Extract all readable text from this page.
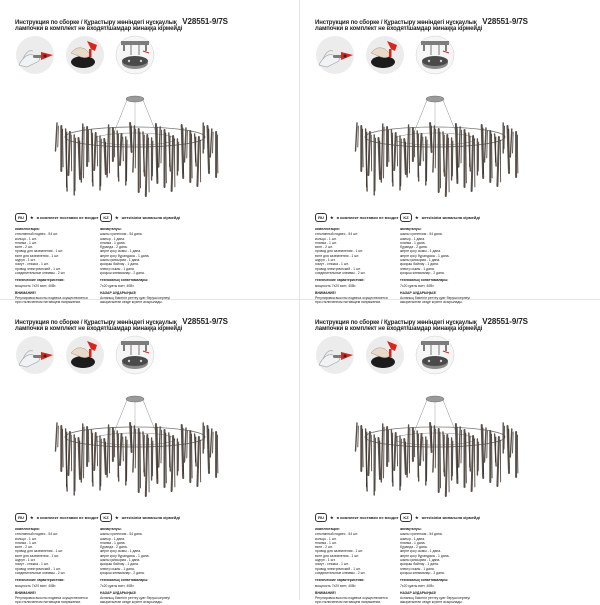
Инструкция по сборке / Құрастыру жөніндегі нұсқаулық V28551-9/7S
лампочки в комплект не входят/шамдар жинаққа кірмейді
RU	★ в комплект поставки не входит	KZ	★ жеткізілім жинағына кірмейді
комплектация:
стеклянный подвес - 54 шт.
кольцо - 1 шт.
планка - 1 шт.
винт - 2 шт.
провод для заземления - 1 шт.
винт для заземления - 1 шт.
шуруп - 1 шт.
хомут - стяжка - 1 шт.
провод электрический - 1 шт.
соединительные клеммы - 2 шт.
технические характеристики:
мощность 7x20 ватт, 40Вт.
ВНИМАНИЕ!
Регулировка высоты подвеса осуществляется
при отключенном питающем напряжении.
жинақталуы:
шыны суспензия - 54 дана.
шығыр - 1 дана.
планка - 1 дана.
бұранда - 2 дана.
жерге қосу сымы - 1 дана.
жерге қосу бұрандасы - 1 дана.
шыны қапсырма - 1 дана.
қысқыш байлау - 1 дана.
электр сымы - 1 дана.
қосқыш клеммалар - 2 дана.
техникалық сипаттамалары:
7x20 қуаты ватт, 40Вт.
НАЗАР АУДАРЫҢЫЗ!
Аспаның биіктігін реттеу қуат беруші кернеуі
ажыратылған кезде жүзеге асырылады.
Инструкция по сборке / Құрастыру жөніндегі нұсқаулық V28551-9/7S
лампочки в комплект не входят/шамдар жинаққа кірмейді
RU	★ в комплект поставки не входит	KZ	★ жеткізілім жинағына кірмейді
комплектация:
стеклянный подвес - 54 шт.
кольцо - 1 шт.
планка - 1 шт.
винт - 2 шт.
провод для заземления - 1 шт.
винт для заземления - 1 шт.
шуруп - 1 шт.
хомут - стяжка - 1 шт.
провод электрический - 1 шт.
соединительные клеммы - 2 шт.
технические характеристики:
мощность 7x20 ватт, 40Вт.
ВНИМАНИЕ!
Регулировка высоты подвеса осуществляется
при отключенном питающем напряжении.
жинақталуы:
шыны суспензия - 54 дана.
шығыр - 1 дана.
планка - 1 дана.
бұранда - 2 дана.
жерге қосу сымы - 1 дана.
жерге қосу бұрандасы - 1 дана.
шыны қапсырма - 1 дана.
қысқыш байлау - 1 дана.
электр сымы - 1 дана.
қосқыш клеммалар - 2 дана.
техникалық сипаттамалары:
7x20 қуаты ватт, 40Вт.
НАЗАР АУДАРЫҢЫЗ!
Аспаның биіктігін реттеу қуат беруші кернеуі
ажыратылған кезде жүзеге асырылады.
Инструкция по сборке / Құрастыру жөніндегі нұсқаулық V28551-9/7S
лампочки в комплект не входят/шамдар жинаққа кірмейді
RU	★ в комплект поставки не входит	KZ	★ жеткізілім жинағына кірмейді
комплектация:
стеклянный подвес - 54 шт.
кольцо - 1 шт.
планка - 1 шт.
винт - 2 шт.
провод для заземления - 1 шт.
винт для заземления - 1 шт.
шуруп - 1 шт.
хомут - стяжка - 1 шт.
провод электрический - 1 шт.
соединительные клеммы - 2 шт.
технические характеристики:
мощность 7x20 ватт, 40Вт.
ВНИМАНИЕ!
Регулировка высоты подвеса осуществляется
при отключенном питающем напряжении.
жинақталуы:
шыны суспензия - 54 дана.
шығыр - 1 дана.
планка - 1 дана.
бұранда - 2 дана.
жерге қосу сымы - 1 дана.
жерге қосу бұрандасы - 1 дана.
шыны қапсырма - 1 дана.
қысқыш байлау - 1 дана.
электр сымы - 1 дана.
қосқыш клеммалар - 2 дана.
техникалық сипаттамалары:
7x20 қуаты ватт, 40Вт.
НАЗАР АУДАРЫҢЫЗ!
Аспаның биіктігін реттеу қуат беруші кернеуі
ажыратылған кезде жүзеге асырылады.
Инструкция по сборке / Құрастыру жөніндегі нұсқаулық V28551-9/7S
лампочки в комплект не входят/шамдар жинаққа кірмейді
RU	★ в комплект поставки не входит	KZ	★ жеткізілім жинағына кірмейді
комплектация:
стеклянный подвес - 54 шт.
кольцо - 1 шт.
планка - 1 шт.
винт - 2 шт.
провод для заземления - 1 шт.
винт для заземления - 1 шт.
шуруп - 1 шт.
хомут - стяжка - 1 шт.
провод электрический - 1 шт.
соединительные клеммы - 2 шт.
технические характеристики:
мощность 7x20 ватт, 40Вт.
ВНИМАНИЕ!
Регулировка высоты подвеса осуществляется
при отключенном питающем напряжении.
жинақталуы:
шыны суспензия - 54 дана.
шығыр - 1 дана.
планка - 1 дана.
бұранда - 2 дана.
жерге қосу сымы - 1 дана.
жерге қосу бұрандасы - 1 дана.
шыны қапсырма - 1 дана.
қысқыш байлау - 1 дана.
электр сымы - 1 дана.
қосқыш клеммалар - 2 дана.
техникалық сипаттамалары:
7x20 қуаты ватт, 40Вт.
НАЗАР АУДАРЫҢЫЗ!
Аспаның биіктігін реттеу қуат беруші кернеуі
ажыратылған кезде жүзеге асырылады.
